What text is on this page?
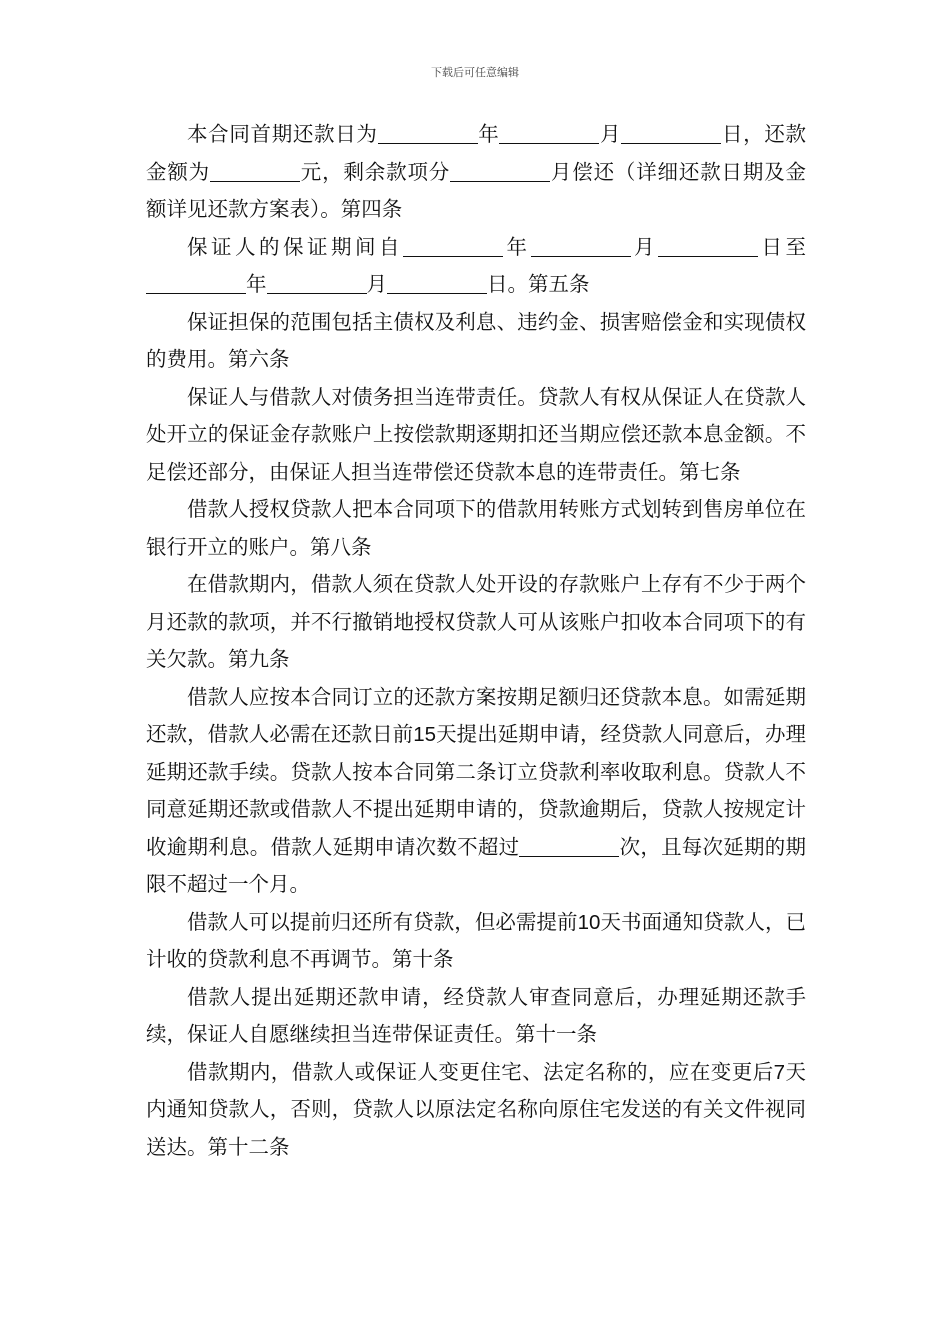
下载后可任意编辑

本合同首期还款日为	年	月	日，还款金额为	元，剩余款项分	月偿还（详细还款日期及金额详见还款方案表）。第四条

保证人的保证期间自	年	月	日至年	月	日。第五条

保证担保的范围包括主债权及利息、违约金、损害赔偿金和实现债权的费用。第六条

保证人与借款人对债务担当连带责任。贷款人有权从保证人在贷款人处开立的保证金存款账户上按偿款期逐期扣还当期应偿还款本息金额。不足偿还部分，由保证人担当连带偿还贷款本息的连带责任。第七条

借款人授权贷款人把本合同项下的借款用转账方式划转到售房单位在银行开立的账户。第八条

在借款期内，借款人须在贷款人处开设的存款账户上存有不少于两个月还款的款项，并不行撤销地授权贷款人可从该账户扣收本合同项下的有关欠款。第九条

借款人应按本合同订立的还款方案按期足额归还贷款本息。如需延期还款，借款人必需在还款日前15天提出延期申请，经贷款人同意后，办理延期还款手续。贷款人按本合同第二条订立贷款利率收取利息。贷款人不同意延期还款或借款人不提出延期申请的，贷款逾期后，贷款人按规定计收逾期利息。借款人延期申请次数不超过	次，且每次延期的期限不超过一个月。

借款人可以提前归还所有贷款，但必需提前10天书面通知贷款人，已计收的贷款利息不再调节。第十条

借款人提出延期还款申请，经贷款人审查同意后，办理延期还款手续，保证人自愿继续担当连带保证责任。第十一条

借款期内，借款人或保证人变更住宅、法定名称的，应在变更后7天内通知贷款人，否则，贷款人以原法定名称向原住宅发送的有关文件视同送达。第十二条
